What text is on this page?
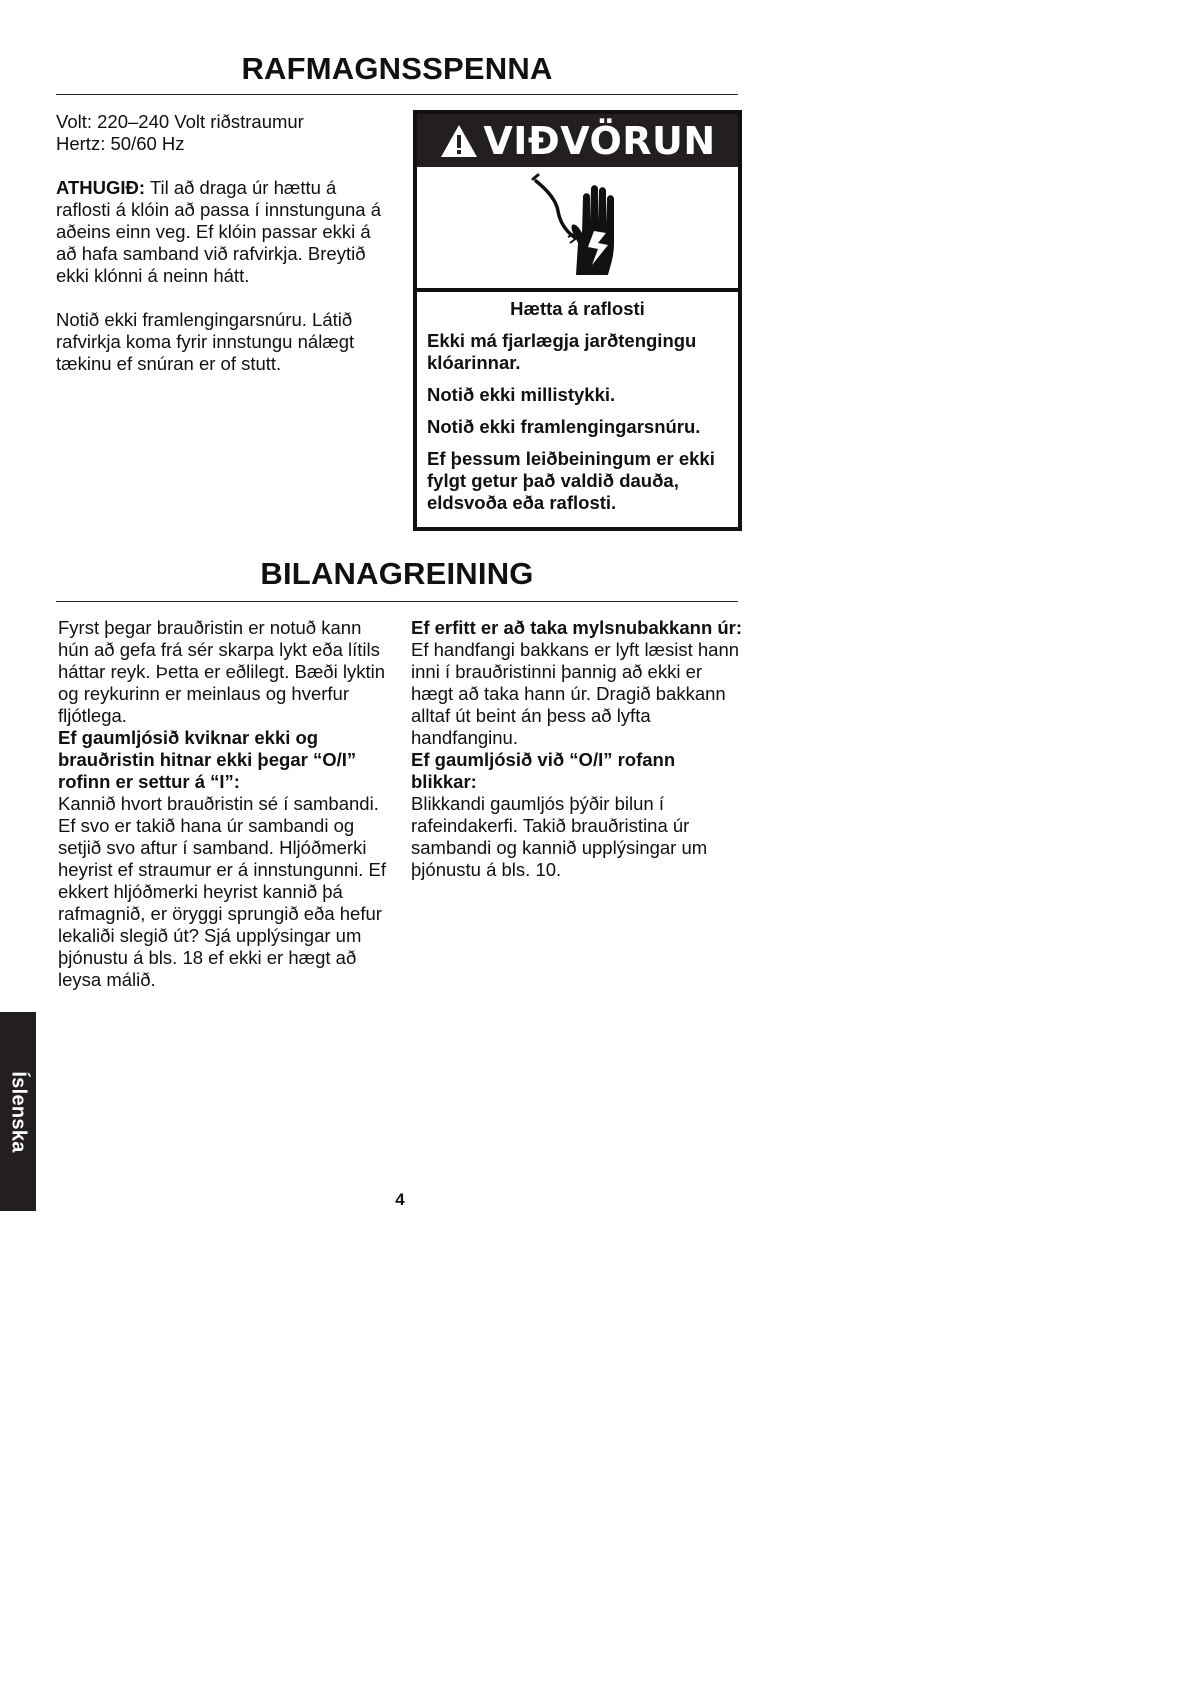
RAFMAGNSSPENNA

Volt: 220–240 Volt riðstraumur

Hertz: 50/60 Hz

ATHUGIÐ: Til að draga úr hættu á raflosti á klóin að passa í innstunguna á aðeins einn veg. Ef klóin passar ekki á að hafa samband við rafvirkja. Breytið ekki klónni á neinn hátt.

Notið ekki framlengingarsnúru. Látið rafvirkja koma fyrir innstungu nálægt tækinu ef snúran er of stutt.

VIÐVÖRUN

Hætta á raflosti

Ekki má fjarlægja jarðtengingu klóarinnar.

Notið ekki millistykki.

Notið ekki framlengingarsnúru.

Ef þessum leiðbeiningum er ekki fylgt getur það valdið dauða, eldsvoða eða raflosti.

BILANAGREINING

Fyrst þegar brauðristin er notuð kann hún að gefa frá sér skarpa lykt eða lítils háttar reyk. Þetta er eðlilegt. Bæði lyktin og reykurinn er meinlaus og hverfur fljótlega.

Ef gaumljósið kviknar ekki og brauðristin hitnar ekki þegar “O/I” rofinn er settur á “I”:

Kannið hvort brauðristin sé í sambandi. Ef svo er takið hana úr sambandi og setjið svo aftur í samband. Hljóðmerki heyrist ef straumur er á innstungunni. Ef ekkert hljóðmerki heyrist kannið þá rafmagnið, er öryggi sprungið eða hefur lekaliði slegið út? Sjá upplýsingar um þjónustu á bls. 18 ef ekki er hægt að leysa málið.

Ef erfitt er að taka mylsnubakkann úr:

Ef handfangi bakkans er lyft læsist hann inni í brauðristinni þannig að ekki er hægt að taka hann úr. Dragið bakkann alltaf út beint án þess að lyfta handfanginu.

Ef gaumljósið við “O/I” rofann blikkar:

Blikkandi gaumljós þýðir bilun í rafeindakerfi. Takið brauðristina úr sambandi og kannið upplýsingar um þjónustu á bls. 10.

Íslenska
4
